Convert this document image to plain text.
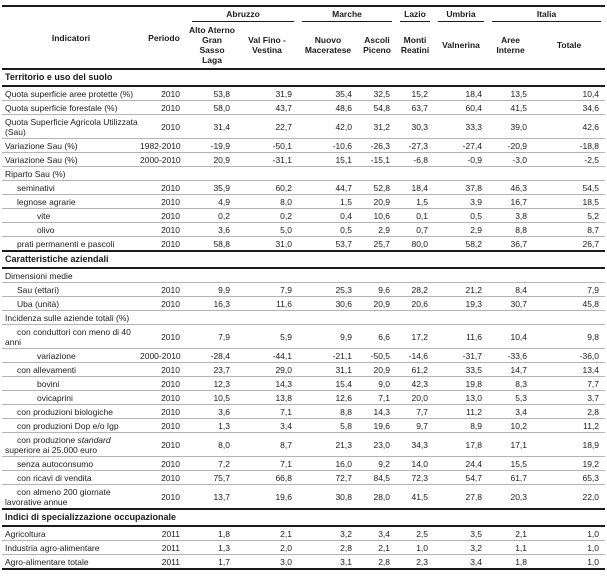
Indicatori	Periodo	Abruzzo		Marche		Lazio	Umbria	Italia	

		Alto Aterno Gran Sasso Laga	Val Fino - Vestina	Nuovo Maceratese	Ascoli Piceno	Monti Reatini	Valnerina	Aree Interne	Totale
Territorio e uso del suolo									
Quota superficie aree protette (%)	2010	53,8	31,9	35,4	32,5	15,2	18,4	13,5	10,4
Quota superficie forestale (%)	2010	58,0	43,7	48,6	54,8	63,7	60,4	41,5	34,6
Quota Superficie Agricola Utilizzata (Sau)	2010	31,4	22,7	42,0	31,2	30,3	33,3	39,0	42,6
Variazione Sau (%)	1982-2010	-19,9	-50,1	-10,6	-26,3	-27,3	-27,4	-20,9	-18,8
Variazione Sau (%)	2000-2010	20,9	-31,1	15,1	-15,1	-6,8	-0,9	-3,0	-2,5
Riparto Sau (%)									
seminativi	2010	35,9	60,2	44,7	52,8	18,4	37,8	46,3	54,5
legnose agrarie	2010	4,9	8,0	1,5	20,9	1,5	3,9	16,7	18,5
vite	2010	0,2	0,2	0,4	10,6	0,1	0,5	3,8	5,2
olivo	2010	3,6	5,0	0,5	2,9	0,7	2,9	8,8	8,7
prati permanenti e pascoli	2010	58,8	31,0	53,7	25,7	80,0	58,2	36,7	26,7
Caratteristiche aziendali									
Dimensioni medie									
Sau (ettari)	2010	9,9	7,9	25,3	9,6	28,2	21,2	8,4	7,9
Uba (unità)	2010	16,3	11,6	30,6	20,9	20,6	19,3	30,7	45,8
Incidenza sulle aziende totali (%)									
con conduttori con meno di 40 anni	2010	7,9	5,9	9,9	6,6	17,2	11,6	10,4	9,8
variazione	2000-2010	-28,4	-44,1	-21,1	-50,5	-14,6	-31,7	-33,6	-36,0
con allevamenti	2010	23,7	29,0	31,1	20,9	61,2	33,5	14,7	13,4
bovini	2010	12,3	14,3	15,4	9,0	42,3	19,8	8,3	7,7
ovicaprini	2010	10,5	13,8	12,6	7,1	20,0	13,0	5,3	3,7
con produzioni biologiche	2010	3,6	7,1	8,8	14,3	7,7	11,2	3,4	2,8
con produzioni Dop e/o Igp	2010	1,3	3,4	5,8	19,6	9,7	8,9	10,2	11,2
con produzione standard superiore ai 25.000 euro	2010	8,0	8,7	21,3	23,0	34,3	17,8	17,1	18,9
senza autoconsumo	2010	7,2	7,1	16,0	9,2	14,0	24,4	15,5	19,2
con ricavi di vendita	2010	75,7	66,8	72,7	84,5	72,3	54,7	61,7	65,3
con almeno 200 giornate lavorative annue	2010	13,7	19,6	30,8	28,0	41,5	27,8	20,3	22,0
Indici di specializzazione occupazionale									
Agricoltura	2011	1,8	2,1	3,2	3,4	2,5	3,5	2,1	1,0
Industria agro-alimentare	2011	1,3	2,0	2,8	2,1	1,0	3,2	1,1	1,0
Agro-alimentare totale	2011	1,7	3,0	3,1	2,8	2,3	3,4	1,8	1,0
